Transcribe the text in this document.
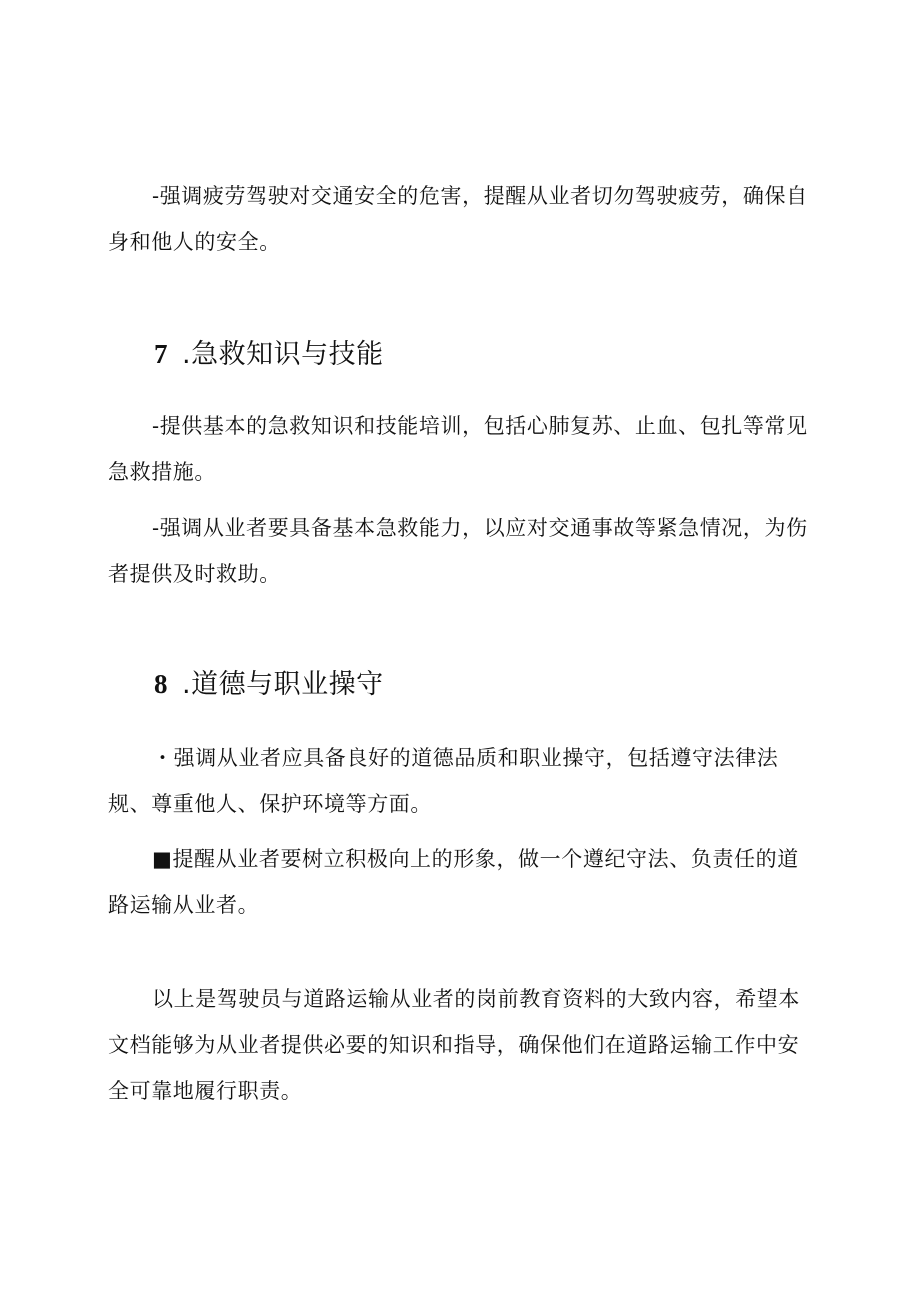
-强调疲劳驾驶对交通安全的危害，提醒从业者切勿驾驶疲劳，确保自身和他人的安全。

7 .急救知识与技能

-提供基本的急救知识和技能培训，包括心肺复苏、止血、包扎等常见急救措施。

-强调从业者要具备基本急救能力，以应对交通事故等紧急情况，为伤者提供及时救助。

8 .道德与职业操守

・强调从业者应具备良好的道德品质和职业操守，包括遵守法律法规、尊重他人、保护环境等方面。

■提醒从业者要树立积极向上的形象，做一个遵纪守法、负责任的道路运输从业者。

以上是驾驶员与道路运输从业者的岗前教育资料的大致内容，希望本文档能够为从业者提供必要的知识和指导，确保他们在道路运输工作中安全可靠地履行职责。
